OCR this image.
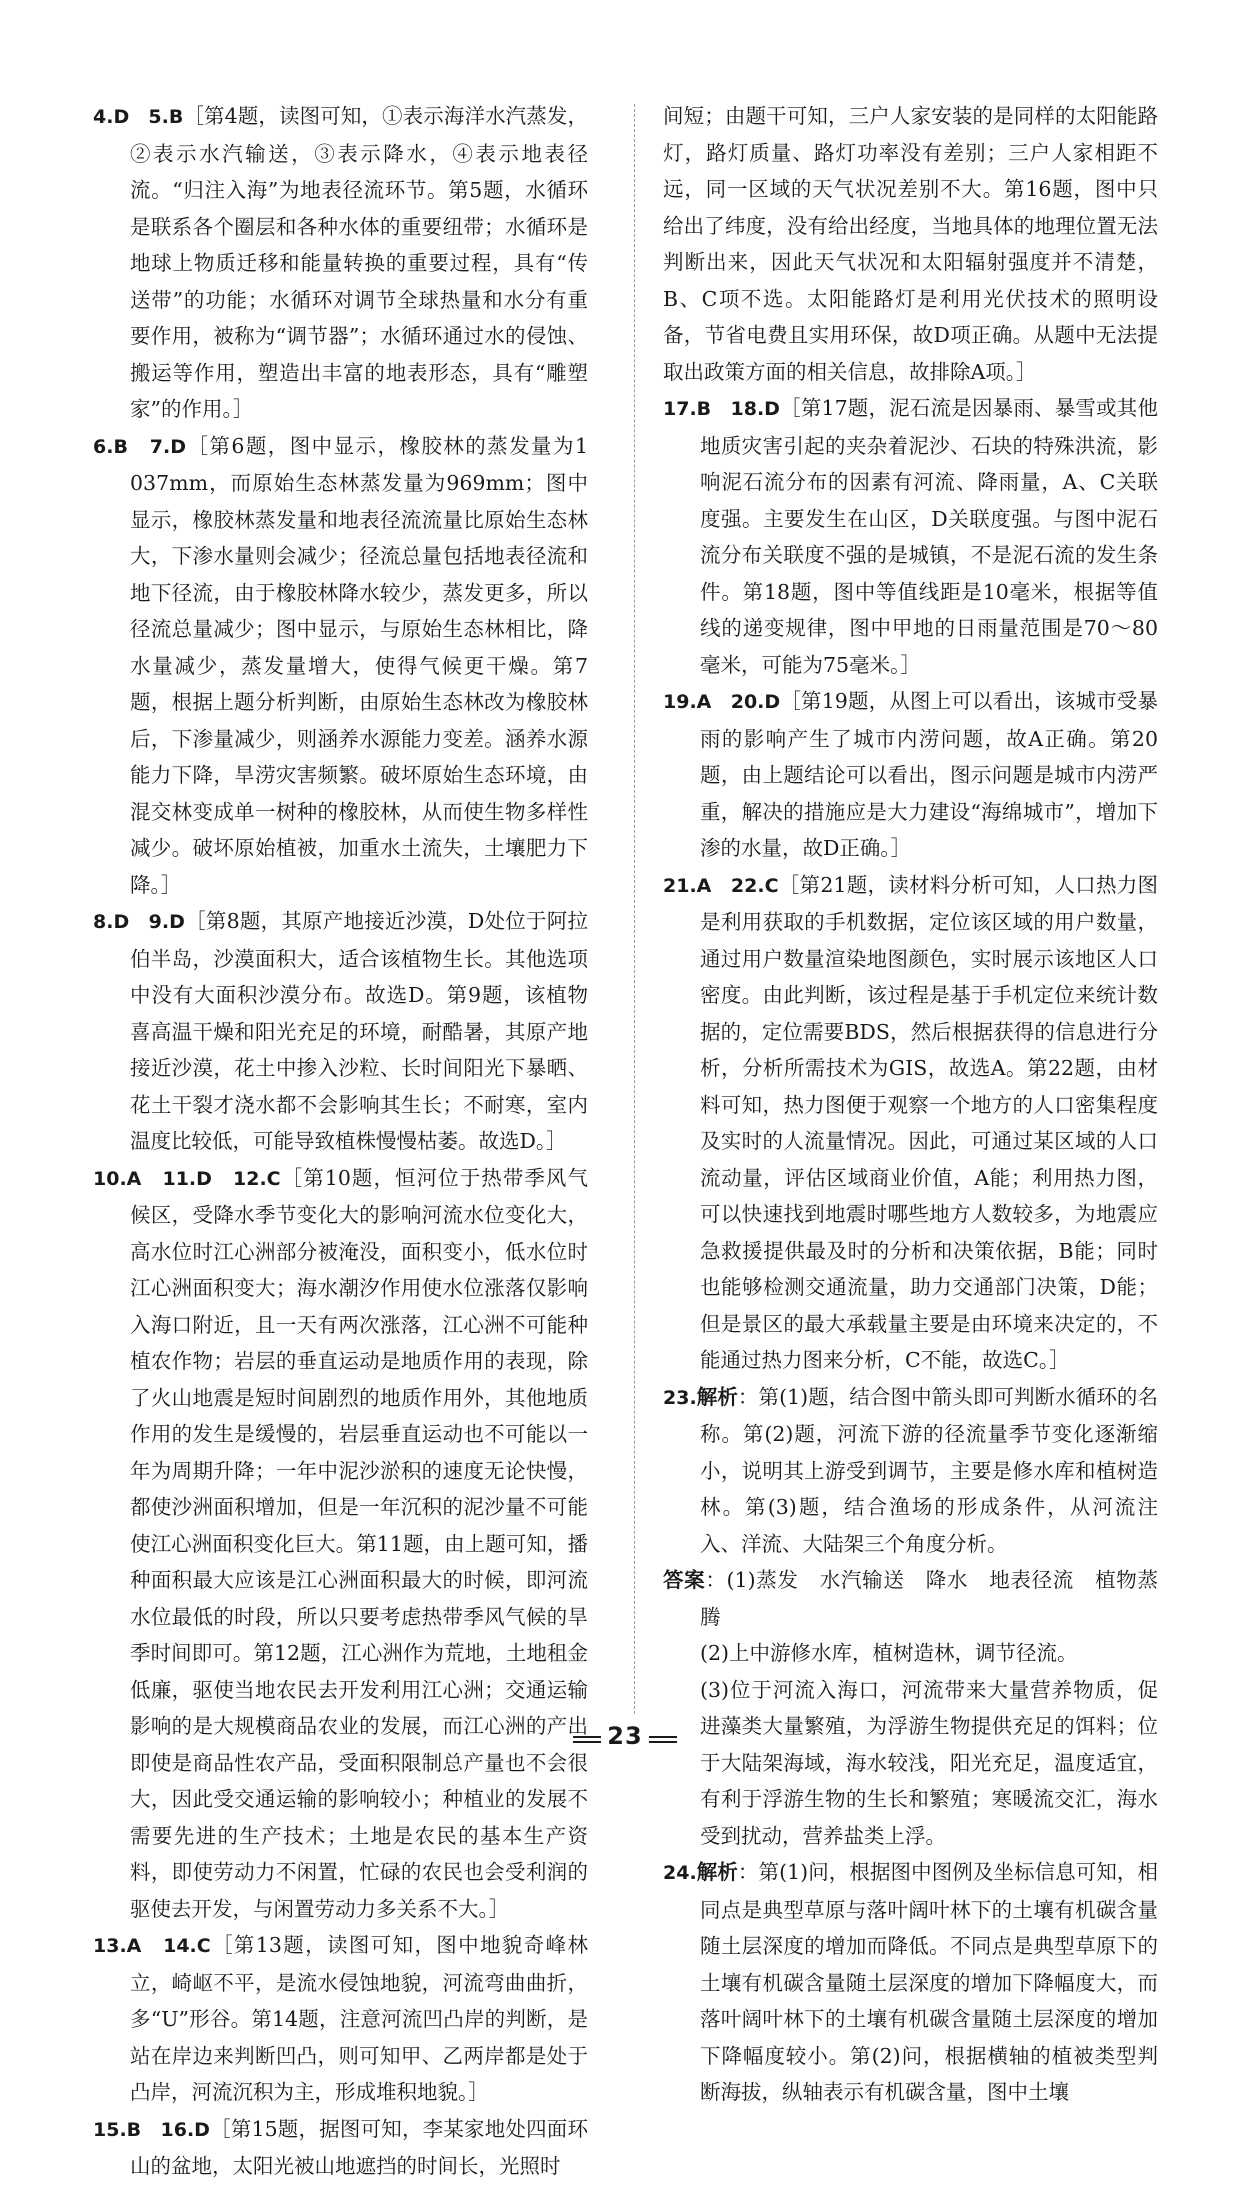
4.D　5.B［第4题，读图可知，①表示海洋水汽蒸发，②表示水汽输送，③表示降水，④表示地表径流。“归注入海”为地表径流环节。第5题，水循环是联系各个圈层和各种水体的重要纽带；水循环是地球上物质迁移和能量转换的重要过程，具有“传送带”的功能；水循环对调节全球热量和水分有重要作用，被称为“调节器”；水循环通过水的侵蚀、搬运等作用，塑造出丰富的地表形态，具有“雕塑家”的作用。］

6.B　7.D［第6题，图中显示，橡胶林的蒸发量为1 037mm，而原始生态林蒸发量为969mm；图中显示，橡胶林蒸发量和地表径流流量比原始生态林大，下渗水量则会减少；径流总量包括地表径流和地下径流，由于橡胶林降水较少，蒸发更多，所以径流总量减少；图中显示，与原始生态林相比，降水量减少，蒸发量增大，使得气候更干燥。第7题，根据上题分析判断，由原始生态林改为橡胶林后，下渗量减少，则涵养水源能力变差。涵养水源能力下降，旱涝灾害频繁。破坏原始生态环境，由混交林变成单一树种的橡胶林，从而使生物多样性减少。破坏原始植被，加重水土流失，土壤肥力下降。］

8.D　9.D［第8题，其原产地接近沙漠，D处位于阿拉伯半岛，沙漠面积大，适合该植物生长。其他选项中没有大面积沙漠分布。故选D。第9题，该植物喜高温干燥和阳光充足的环境，耐酷暑，其原产地接近沙漠，花土中掺入沙粒、长时间阳光下暴晒、花土干裂才浇水都不会影响其生长；不耐寒，室内温度比较低，可能导致植株慢慢枯萎。故选D。］

10.A　11.D　12.C［第10题，恒河位于热带季风气候区，受降水季节变化大的影响河流水位变化大，高水位时江心洲部分被淹没，面积变小，低水位时江心洲面积变大；海水潮汐作用使水位涨落仅影响入海口附近，且一天有两次涨落，江心洲不可能种植农作物；岩层的垂直运动是地质作用的表现，除了火山地震是短时间剧烈的地质作用外，其他地质作用的发生是缓慢的，岩层垂直运动也不可能以一年为周期升降；一年中泥沙淤积的速度无论快慢，都使沙洲面积增加，但是一年沉积的泥沙量不可能使江心洲面积变化巨大。第11题，由上题可知，播种面积最大应该是江心洲面积最大的时候，即河流水位最低的时段，所以只要考虑热带季风气候的旱季时间即可。第12题，江心洲作为荒地，土地租金低廉，驱使当地农民去开发利用江心洲；交通运输影响的是大规模商品农业的发展，而江心洲的产出即使是商品性农产品，受面积限制总产量也不会很大，因此受交通运输的影响较小；种植业的发展不需要先进的生产技术；土地是农民的基本生产资料，即使劳动力不闲置，忙碌的农民也会受利润的驱使去开发，与闲置劳动力多关系不大。］

13.A　14.C［第13题，读图可知，图中地貌奇峰林立，崎岖不平，是流水侵蚀地貌，河流弯曲曲折，多“U”形谷。第14题，注意河流凹凸岸的判断，是站在岸边来判断凹凸，则可知甲、乙两岸都是处于凸岸，河流沉积为主，形成堆积地貌。］

15.B　16.D［第15题，据图可知，李某家地处四面环山的盆地，太阳光被山地遮挡的时间长，光照时

间短；由题干可知，三户人家安装的是同样的太阳能路灯，路灯质量、路灯功率没有差别；三户人家相距不远，同一区域的天气状况差别不大。第16题，图中只给出了纬度，没有给出经度，当地具体的地理位置无法判断出来，因此天气状况和太阳辐射强度并不清楚，B、C项不选。太阳能路灯是利用光伏技术的照明设备，节省电费且实用环保，故D项正确。从题中无法提取出政策方面的相关信息，故排除A项。］

17.B　18.D［第17题，泥石流是因暴雨、暴雪或其他地质灾害引起的夹杂着泥沙、石块的特殊洪流，影响泥石流分布的因素有河流、降雨量，A、C关联度强。主要发生在山区，D关联度强。与图中泥石流分布关联度不强的是城镇，不是泥石流的发生条件。第18题，图中等值线距是10毫米，根据等值线的递变规律，图中甲地的日雨量范围是70～80毫米，可能为75毫米。］

19.A　20.D［第19题，从图上可以看出，该城市受暴雨的影响产生了城市内涝问题，故A正确。第20题，由上题结论可以看出，图示问题是城市内涝严重，解决的措施应是大力建设“海绵城市”，增加下渗的水量，故D正确。］

21.A　22.C［第21题，读材料分析可知，人口热力图是利用获取的手机数据，定位该区域的用户数量，通过用户数量渲染地图颜色，实时展示该地区人口密度。由此判断，该过程是基于手机定位来统计数据的，定位需要BDS，然后根据获得的信息进行分析，分析所需技术为GIS，故选A。第22题，由材料可知，热力图便于观察一个地方的人口密集程度及实时的人流量情况。因此，可通过某区域的人口流动量，评估区域商业价值，A能；利用热力图，可以快速找到地震时哪些地方人数较多，为地震应急救援提供最及时的分析和决策依据，B能；同时也能够检测交通流量，助力交通部门决策，D能；但是景区的最大承载量主要是由环境来决定的，不能通过热力图来分析，C不能，故选C。］

23.解析：第(1)题，结合图中箭头即可判断水循环的名称。第(2)题，河流下游的径流量季节变化逐渐缩小，说明其上游受到调节，主要是修水库和植树造林。第(3)题，结合渔场的形成条件，从河流注入、洋流、大陆架三个角度分析。

答案：(1)蒸发　水汽输送　降水　地表径流　植物蒸腾

(2)上中游修水库，植树造林，调节径流。

(3)位于河流入海口，河流带来大量营养物质，促进藻类大量繁殖，为浮游生物提供充足的饵料；位于大陆架海域，海水较浅，阳光充足，温度适宜，有利于浮游生物的生长和繁殖；寒暖流交汇，海水受到扰动，营养盐类上浮。

24.解析：第(1)问，根据图中图例及坐标信息可知，相同点是典型草原与落叶阔叶林下的土壤有机碳含量随土层深度的增加而降低。不同点是典型草原下的土壤有机碳含量随土层深度的增加下降幅度大，而落叶阔叶林下的土壤有机碳含量随土层深度的增加下降幅度较小。第(2)问，根据横轴的植被类型判断海拔，纵轴表示有机碳含量，图中土壤

23
